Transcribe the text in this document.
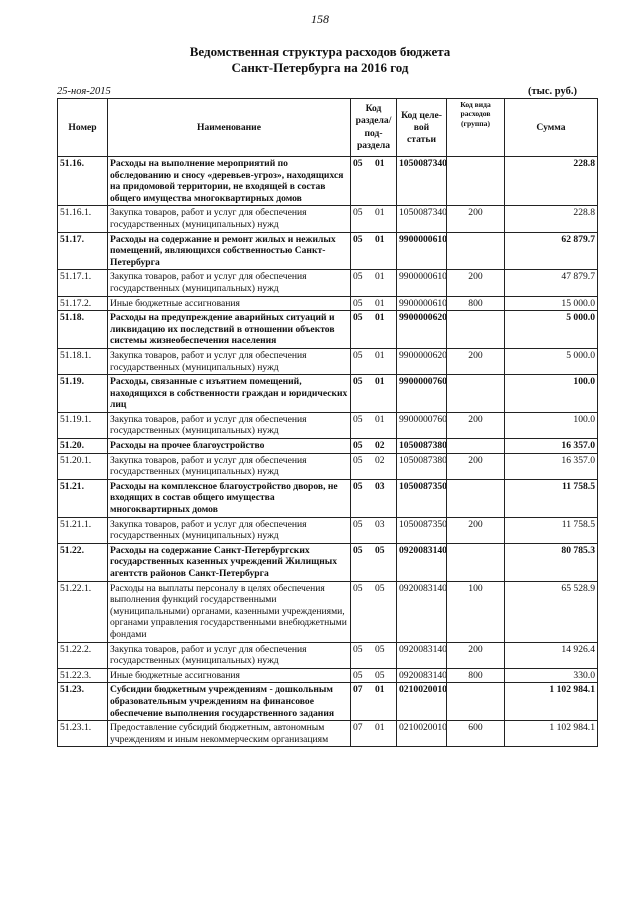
158
Ведомственная структура расходов бюджета
Санкт-Петербурга на 2016 год
25-ноя-2015	(тыс. руб.)
Номер	Наименование	Код раздела/ под-раздела	Код целе-вой статьи	Код вида расходов (группа)	Сумма
51.16.	Расходы на выполнение мероприятий по обследованию и сносу «деревьев-угроз», находящихся на придомовой территории, не входящей в состав общего имущества многоквартирных домов	05 01	1050087340		228.8
51.16.1.	Закупка товаров, работ и услуг для обеспечения государственных (муниципальных) нужд	05 01	1050087340	200	228.8
51.17.	Расходы на содержание и ремонт жилых и нежилых помещений, являющихся собственностью Санкт-Петербурга	05 01	9900000610		62 879.7
51.17.1.	Закупка товаров, работ и услуг для обеспечения государственных (муниципальных) нужд	05 01	9900000610	200	47 879.7
51.17.2.	Иные бюджетные ассигнования	05 01	9900000610	800	15 000.0
51.18.	Расходы на предупреждение аварийных ситуаций и ликвидацию их последствий в отношении объектов системы жизнеобеспечения населения	05 01	9900000620		5 000.0
51.18.1.	Закупка товаров, работ и услуг для обеспечения государственных (муниципальных) нужд	05 01	9900000620	200	5 000.0
51.19.	Расходы, связанные с изъятием помещений, находящихся в собственности граждан и юридических лиц	05 01	9900000760		100.0
51.19.1.	Закупка товаров, работ и услуг для обеспечения государственных (муниципальных) нужд	05 01	9900000760	200	100.0
51.20.	Расходы на прочее благоустройство	05 02	1050087380		16 357.0
51.20.1.	Закупка товаров, работ и услуг для обеспечения государственных (муниципальных) нужд	05 02	1050087380	200	16 357.0
51.21.	Расходы на комплексное благоустройство дворов, не входящих в состав общего имущества многоквартирных домов	05 03	1050087350		11 758.5
51.21.1.	Закупка товаров, работ и услуг для обеспечения государственных (муниципальных) нужд	05 03	1050087350	200	11 758.5
51.22.	Расходы на содержание Санкт-Петербургских государственных казенных учреждений Жилищных агентств районов Санкт-Петербурга	05 05	0920083140		80 785.3
51.22.1.	Расходы на выплаты персоналу в целях обеспечения выполнения функций государственными (муниципальными) органами, казенными учреждениями, органами управления государственными внебюджетными фондами	05 05	0920083140	100	65 528.9
51.22.2.	Закупка товаров, работ и услуг для обеспечения государственных (муниципальных) нужд	05 05	0920083140	200	14 926.4
51.22.3.	Иные бюджетные ассигнования	05 05	0920083140	800	330.0
51.23.	Субсидии бюджетным учреждениям - дошкольным образовательным учреждениям на финансовое обеспечение выполнения государственного задания	07 01	0210020010		1 102 984.1
51.23.1.	Предоставление субсидий бюджетным, автономным учреждениям и иным некоммерческим организациям	07 01	0210020010	600	1 102 984.1
